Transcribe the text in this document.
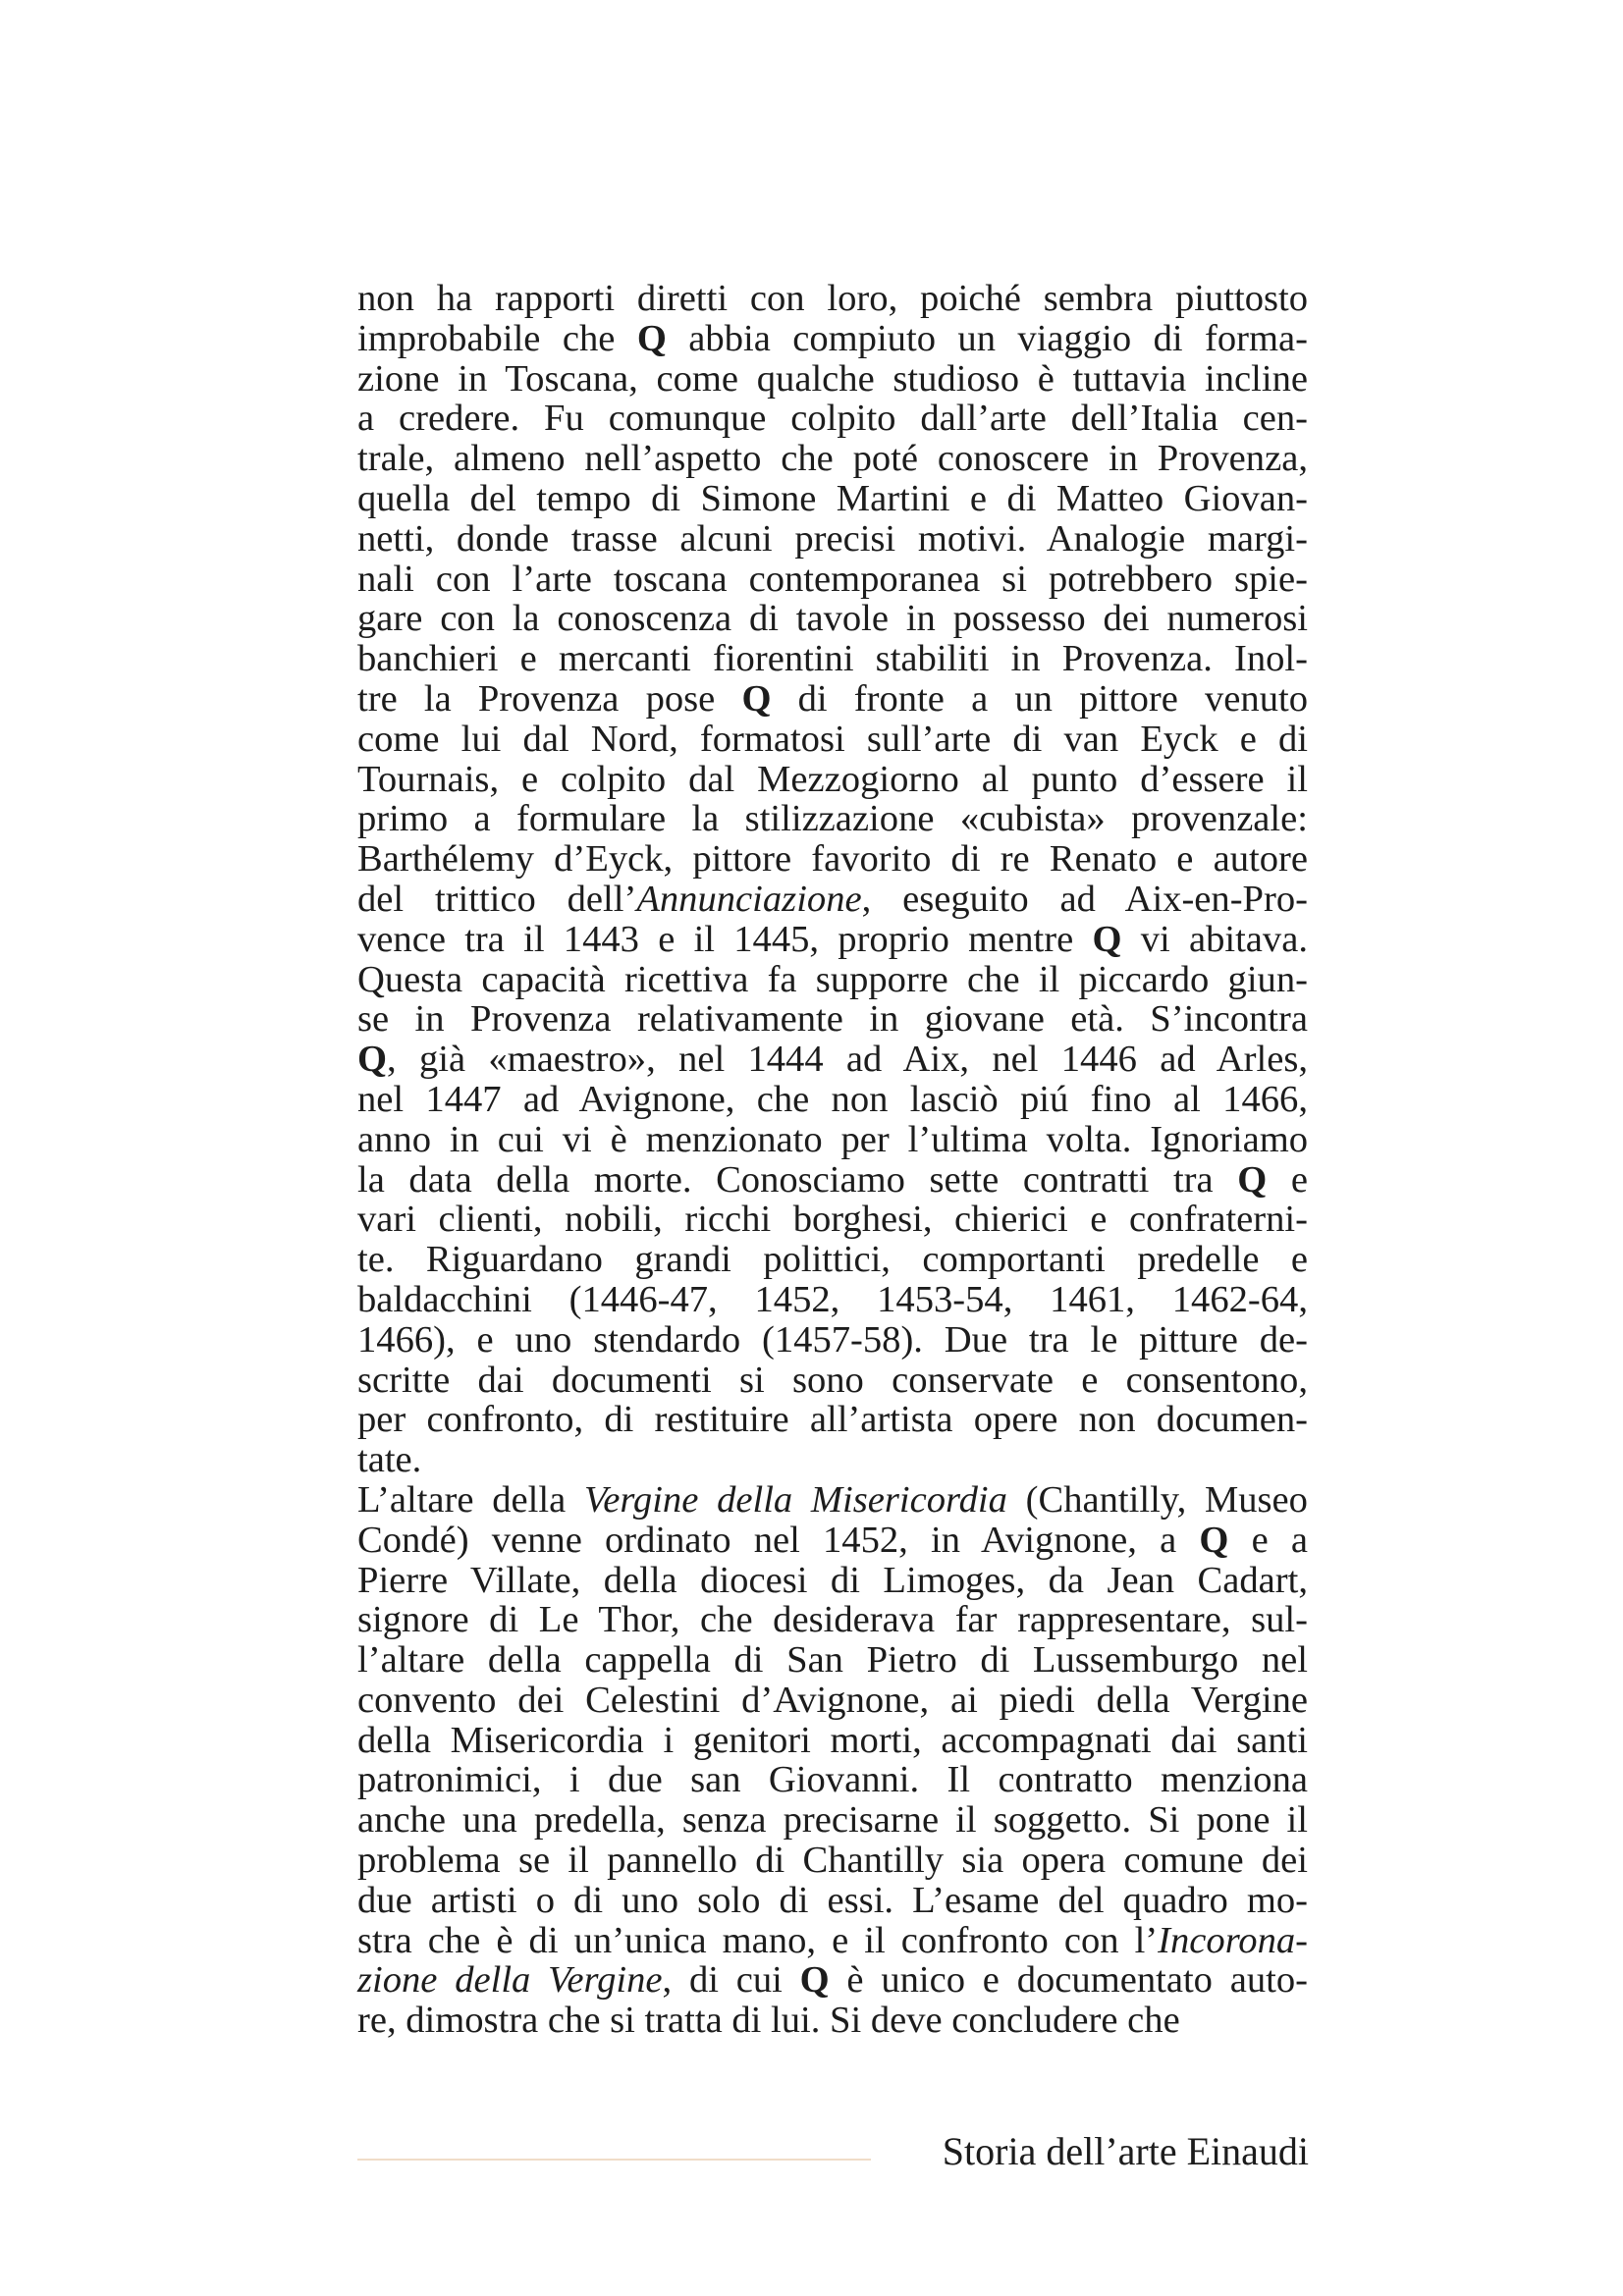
non ha rapporti diretti con loro, poiché sembra piuttosto
improbabile che Q abbia compiuto un viaggio di forma-
zione in Toscana, come qualche studioso è tuttavia incline
a credere. Fu comunque colpito dall’arte dell’Italia cen-
trale, almeno nell’aspetto che poté conoscere in Provenza,
quella del tempo di Simone Martini e di Matteo Giovan-
netti, donde trasse alcuni precisi motivi. Analogie margi-
nali con l’arte toscana contemporanea si potrebbero spie-
gare con la conoscenza di tavole in possesso dei numerosi
banchieri e mercanti fiorentini stabiliti in Provenza. Inol-
tre la Provenza pose Q di fronte a un pittore venuto
come lui dal Nord, formatosi sull’arte di van Eyck e di
Tournais, e colpito dal Mezzogiorno al punto d’essere il
primo a formulare la stilizzazione «cubista» provenzale:
Barthélemy d’Eyck, pittore favorito di re Renato e autore
del trittico dell’Annunciazione, eseguito ad Aix-en-Pro-
vence tra il 1443 e il 1445, proprio mentre Q vi abitava.
Questa capacità ricettiva fa supporre che il piccardo giun-
se in Provenza relativamente in giovane età. S’incontra
Q, già «maestro», nel 1444 ad Aix, nel 1446 ad Arles,
nel 1447 ad Avignone, che non lasciò piú fino al 1466,
anno in cui vi è menzionato per l’ultima volta. Ignoriamo
la data della morte. Conosciamo sette contratti tra Q e
vari clienti, nobili, ricchi borghesi, chierici e confraterni-
te. Riguardano grandi polittici, comportanti predelle e
baldacchini (1446-47, 1452, 1453-54, 1461, 1462-64,
1466), e uno stendardo (1457-58). Due tra le pitture de-
scritte dai documenti si sono conservate e consentono,
per confronto, di restituire all’artista opere non documen-
tate.
L’altare della Vergine della Misericordia (Chantilly, Museo
Condé) venne ordinato nel 1452, in Avignone, a Q e a
Pierre Villate, della diocesi di Limoges, da Jean Cadart,
signore di Le Thor, che desiderava far rappresentare, sul-
l’altare della cappella di San Pietro di Lussemburgo nel
convento dei Celestini d’Avignone, ai piedi della Vergine
della Misericordia i genitori morti, accompagnati dai santi
patronimici, i due san Giovanni. Il contratto menziona
anche una predella, senza precisarne il soggetto. Si pone il
problema se il pannello di Chantilly sia opera comune dei
due artisti o di uno solo di essi. L’esame del quadro mo-
stra che è di un’unica mano, e il confronto con l’Incorona-
zione della Vergine, di cui Q è unico e documentato auto-
re, dimostra che si tratta di lui. Si deve concludere che
Storia dell’arte Einaudi
